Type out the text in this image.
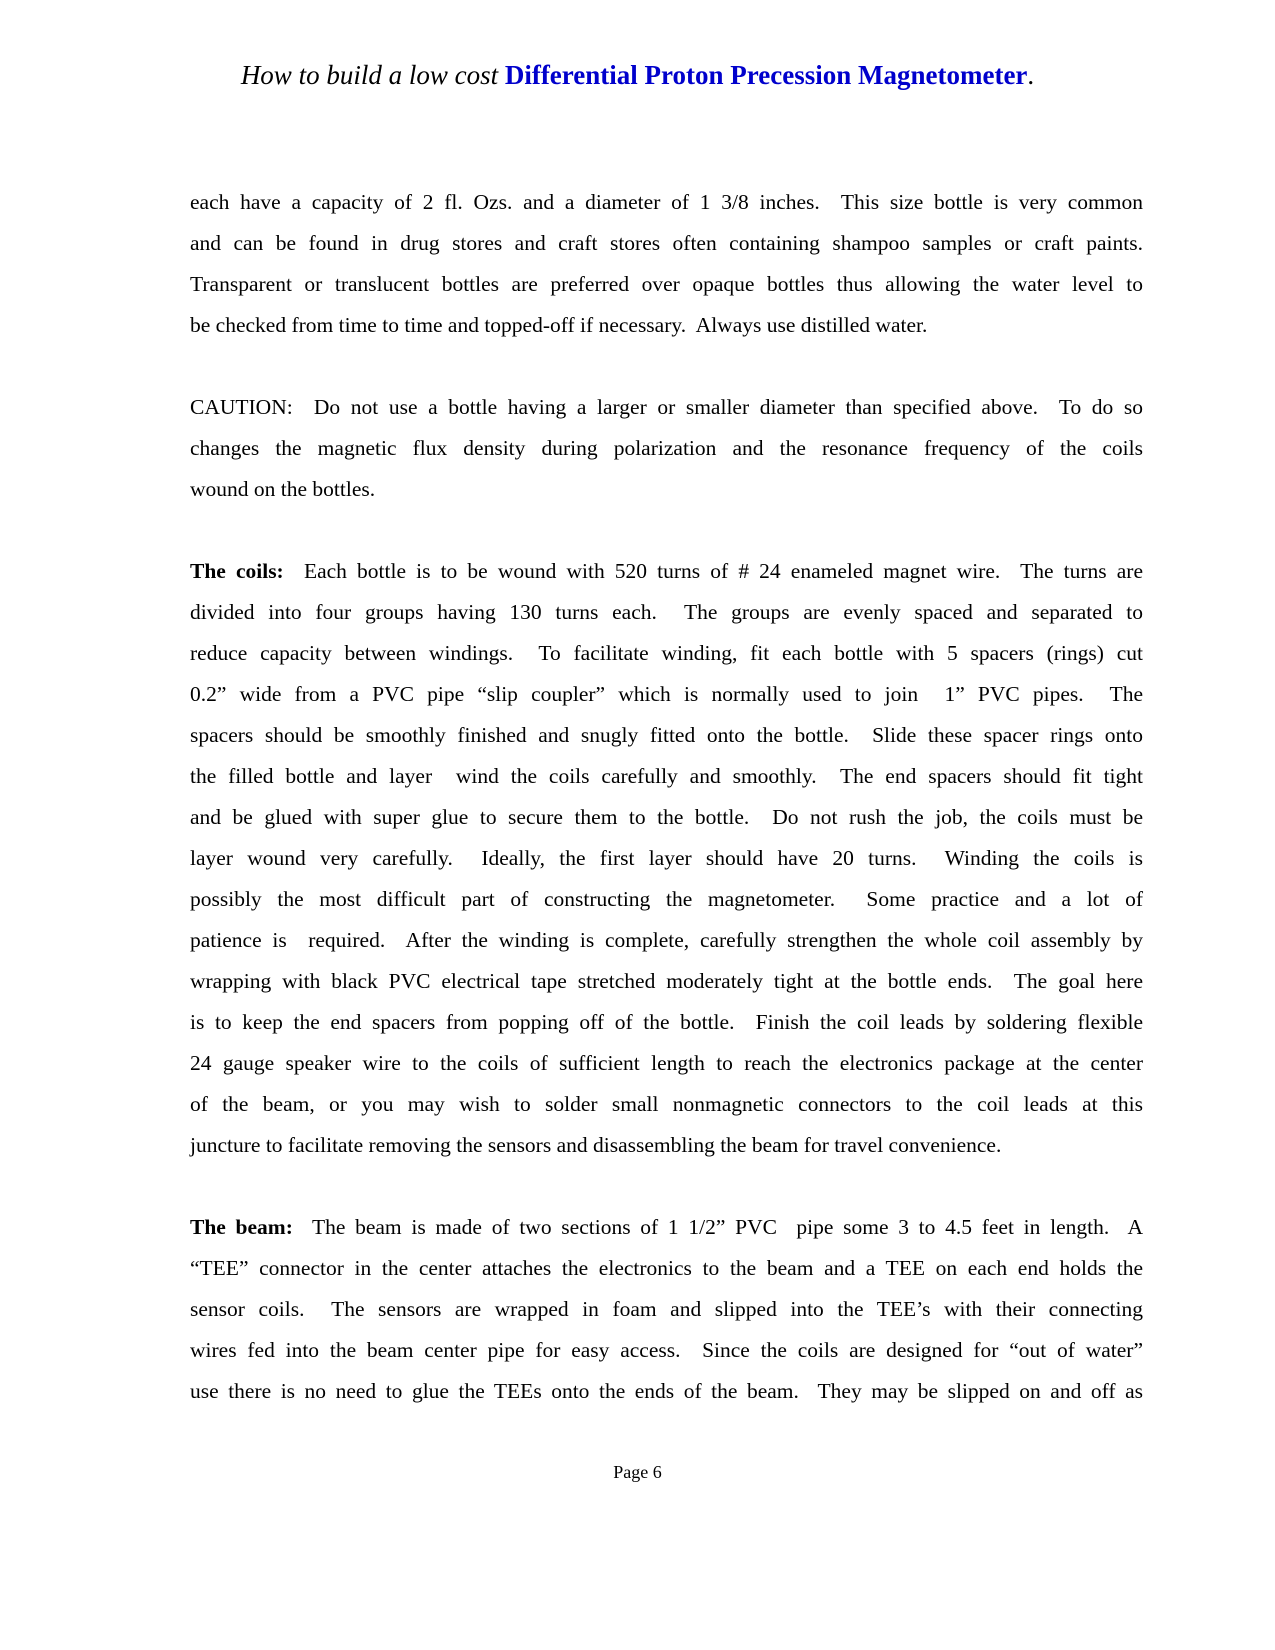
How to build a low cost Differential Proton Precession Magnetometer.

each have a capacity of 2 fl. Ozs. and a diameter of 1 3/8 inches.  This size bottle is very common
and can be found in drug stores and craft stores often containing shampoo samples or craft paints.
Transparent or translucent bottles are preferred over opaque bottles thus allowing the water level to
be checked from time to time and topped-off if necessary.  Always use distilled water.

CAUTION:  Do not use a bottle having a larger or smaller diameter than specified above.  To do so
changes the magnetic flux density during polarization and the resonance frequency of the coils
wound on the bottles.

The coils:  Each bottle is to be wound with 520 turns of # 24 enameled magnet wire.  The turns are
divided into four groups having 130 turns each.  The groups are evenly spaced and separated to
reduce capacity between windings.  To facilitate winding, fit each bottle with 5 spacers (rings) cut
0.2” wide from a PVC pipe “slip coupler” which is normally used to join  1” PVC pipes.  The
spacers should be smoothly finished and snugly fitted onto the bottle.  Slide these spacer rings onto
the filled bottle and layer  wind the coils carefully and smoothly.  The end spacers should fit tight
and be glued with super glue to secure them to the bottle.  Do not rush the job, the coils must be
layer wound very carefully.  Ideally, the first layer should have 20 turns.  Winding the coils is
possibly the most difficult part of constructing the magnetometer.  Some practice and a lot of
patience is  required.  After the winding is complete, carefully strengthen the whole coil assembly by
wrapping with black PVC electrical tape stretched moderately tight at the bottle ends.  The goal here
is to keep the end spacers from popping off of the bottle.  Finish the coil leads by soldering flexible
24 gauge speaker wire to the coils of sufficient length to reach the electronics package at the center
of the beam, or you may wish to solder small nonmagnetic connectors to the coil leads at this
juncture to facilitate removing the sensors and disassembling the beam for travel convenience.

The beam:  The beam is made of two sections of 1 1/2” PVC  pipe some 3 to 4.5 feet in length.  A
“TEE” connector in the center attaches the electronics to the beam and a TEE on each end holds the
sensor coils.  The sensors are wrapped in foam and slipped into the TEE’s with their connecting
wires fed into the beam center pipe for easy access.  Since the coils are designed for “out of water”
use there is no need to glue the TEEs onto the ends of the beam.  They may be slipped on and off as

Page 6
